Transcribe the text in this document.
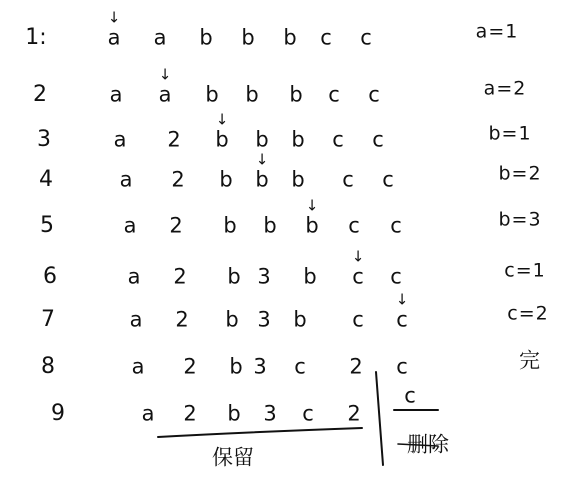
1:	a a b b b c c
↓
a=1
2	a a b b b c c
↓
a=2
3	a 2 b b b c c
↓
b=1
4	a 2 b b b c c
↓
b=2
5	a 2 b b b c c
↓
b=3
6	a 2 b 3 b c c
↓
c=1
7	a 2 b 3 b c c
↓
c=2
8	a 2 b 3 c 2 c	完
9	a 2 b 3 c 2
c
保留
删除
